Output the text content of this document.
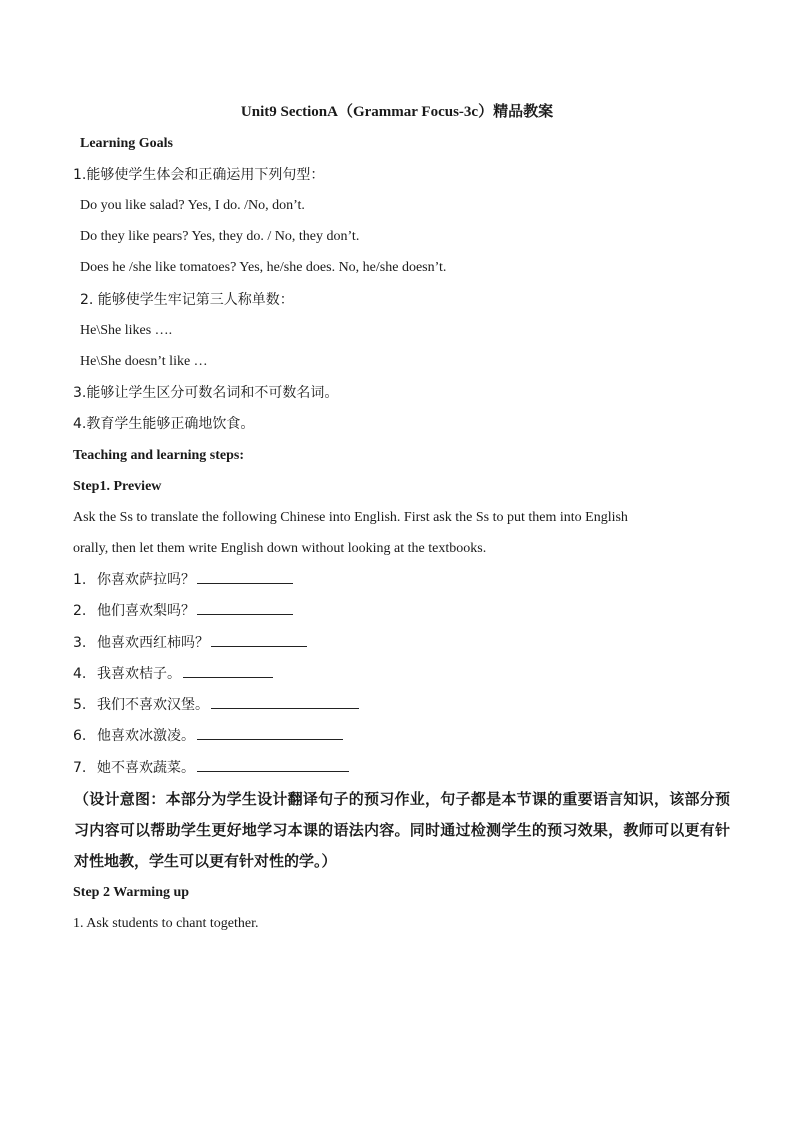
Unit9 SectionA（Grammar Focus-3c）精品教案
Learning Goals
1.能够使学生体会和正确运用下列句型：
Do you like salad? Yes, I do. /No, don’t.
Do they like pears? Yes, they do. / No, they don’t.
Does he /she like tomatoes? Yes, he/she does. No, he/she doesn’t.
2. 能够使学生牢记第三人称单数：
He\She likes ….
He\She doesn’t like …
3.能够让学生区分可数名词和不可数名词。
4.教育学生能够正确地饮食。
Teaching and learning steps:
Step1. Preview
Ask the Ss to translate the following Chinese into English. First ask the Ss to put them into English
orally, then let them write English down without looking at the textbooks.
1. 你喜欢萨拉吗？
2. 他们喜欢梨吗？
3. 他喜欢西红柿吗？
4. 我喜欢桔子。
5. 我们不喜欢汉堡。
6. 他喜欢冰激凌。
7. 她不喜欢蔬菜。
（设计意图：本部分为学生设计翻译句子的预习作业，句子都是本节课的重要语言知识，该部分预习内容可以帮助学生更好地学习本课的语法内容。同时通过检测学生的预习效果，教师可以更有针对性地教，学生可以更有针对性的学。）
Step 2 Warming up
1. Ask students to chant together.
